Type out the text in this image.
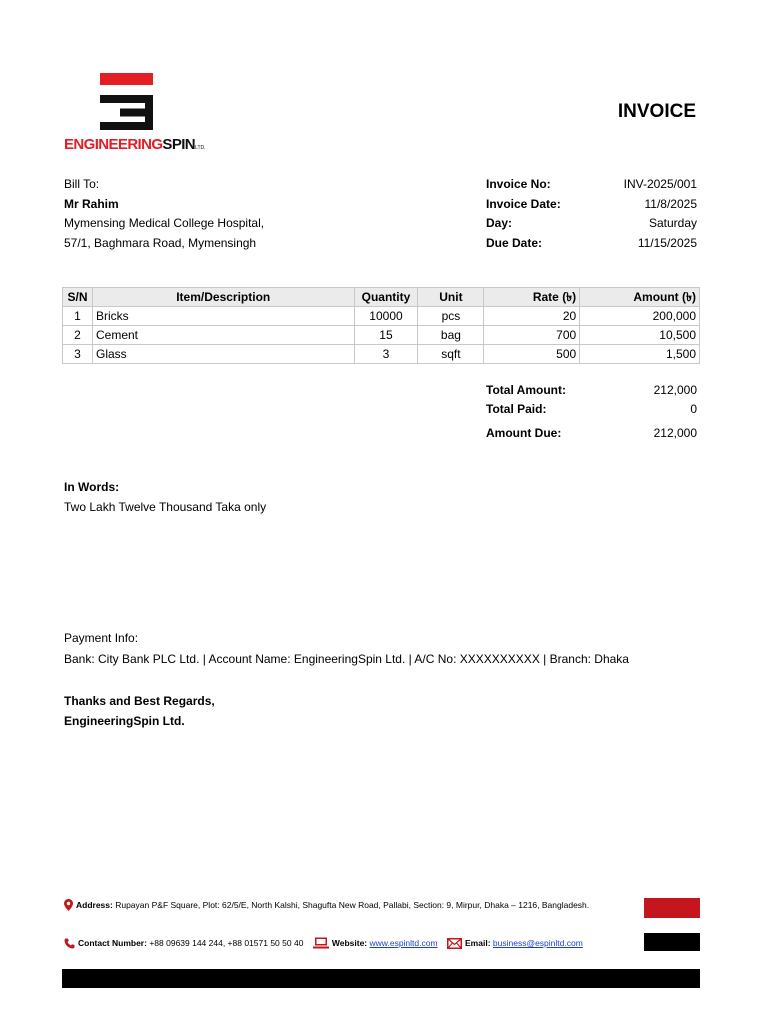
ENGINEERINGSPINLTD.
INVOICE
Bill To:
Mr Rahim
Mymensing Medical College Hospital,
57/1, Baghmara Road, Mymensingh
Invoice No:	INV-2025/001
Invoice Date:	11/8/2025
Day:	Saturday
Due Date:	11/15/2025
S/N	Item/Description	Quantity	Unit	Rate (৳)	Amount (৳)
1	Bricks	10000	pcs	20	200,000
2	Cement	15	bag	700	10,500
3	Glass	3	sqft	500	1,500
Total Amount:	212,000
Total Paid:	0
Amount Due:	212,000
In Words:
Two Lakh Twelve Thousand Taka only
Payment Info:
Bank: City Bank PLC Ltd. | Account Name: EngineeringSpin Ltd. | A/C No: XXXXXXXXXX | Branch: Dhaka
Thanks and Best Regards,
EngineeringSpin Ltd.
Address:
Rupayan P&F Square, Plot: 62/5/E, North Kalshi, Shagufta New Road, Pallabi, Section: 9, Mirpur, Dhaka – 1216, Bangladesh.
Contact Number:
+88 09639 144 244, +88 01571 50 50 40
	Website:
www.espinltd.com
	Email:
business@espinltd.com
